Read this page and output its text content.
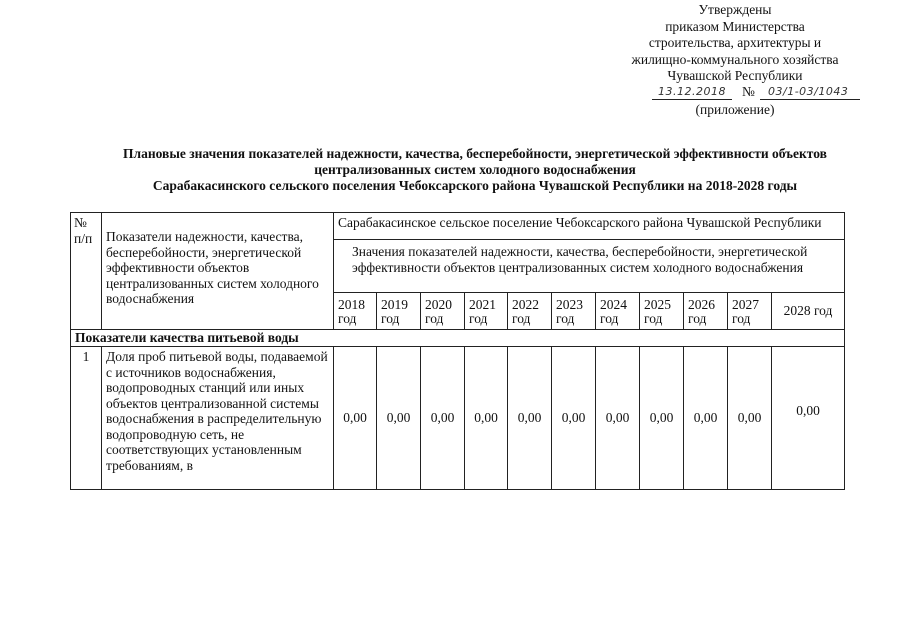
Утверждены
приказом Министерства
строительства, архитектуры и
жилищно-коммунального хозяйства
Чувашской Республики
13.12.2018 № 03/1-03/1043
(приложение)
Плановые значения показателей надежности, качества, бесперебойности, энергетической эффективности объектов
централизованных систем холодного водоснабжения
Сарабакасинского сельского поселения Чебоксарского района Чувашской Республики на 2018-2028 годы
№ п/п	Показатели надежности, качества, бесперебойности, энергетической эффективности объектов централизованных систем холодного водоснабжения	Сарабакасинское сельское поселение Чебоксарского района Чувашской Республики										
		Значения показателей надежности, качества, бесперебойности, энергетической эффективности объектов централизованных систем холодного водоснабжения										
		2018 год	2019 год	2020 год	2021 год	2022 год	2023 год	2024 год	2025 год	2026 год	2027 год	2028 год
Показатели качества питьевой воды												
1	Доля проб питьевой воды, подаваемой с источников водоснабжения, водопроводных станций или иных объектов централизованной системы водоснабжения в распределительную водопроводную сеть, не соответствующих установленным требованиям, в	0,00	0,00	0,00	0,00	0,00	0,00	0,00	0,00	0,00	0,00	0,00
